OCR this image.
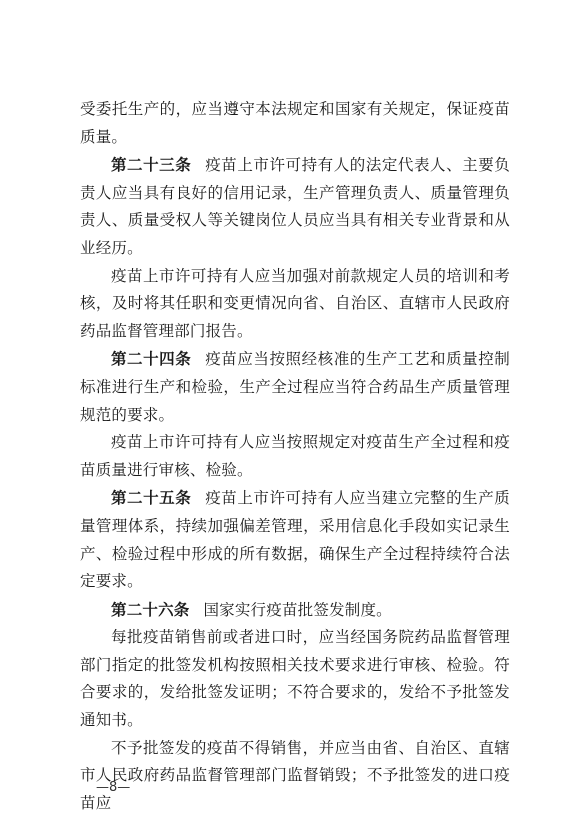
受委托生产的，应当遵守本法规定和国家有关规定，保证疫苗质量。

第二十三条 疫苗上市许可持有人的法定代表人、主要负责人应当具有良好的信用记录，生产管理负责人、质量管理负责人、质量受权人等关键岗位人员应当具有相关专业背景和从业经历。

疫苗上市许可持有人应当加强对前款规定人员的培训和考核，及时将其任职和变更情况向省、自治区、直辖市人民政府药品监督管理部门报告。

第二十四条 疫苗应当按照经核准的生产工艺和质量控制标准进行生产和检验，生产全过程应当符合药品生产质量管理规范的要求。

疫苗上市许可持有人应当按照规定对疫苗生产全过程和疫苗质量进行审核、检验。

第二十五条 疫苗上市许可持有人应当建立完整的生产质量管理体系，持续加强偏差管理，采用信息化手段如实记录生产、检验过程中形成的所有数据，确保生产全过程持续符合法定要求。

第二十六条 国家实行疫苗批签发制度。

每批疫苗销售前或者进口时，应当经国务院药品监督管理部门指定的批签发机构按照相关技术要求进行审核、检验。符合要求的，发给批签发证明；不符合要求的，发给不予批签发通知书。

不予批签发的疫苗不得销售，并应当由省、自治区、直辖市人民政府药品监督管理部门监督销毁；不予批签发的进口疫苗应

—8—
